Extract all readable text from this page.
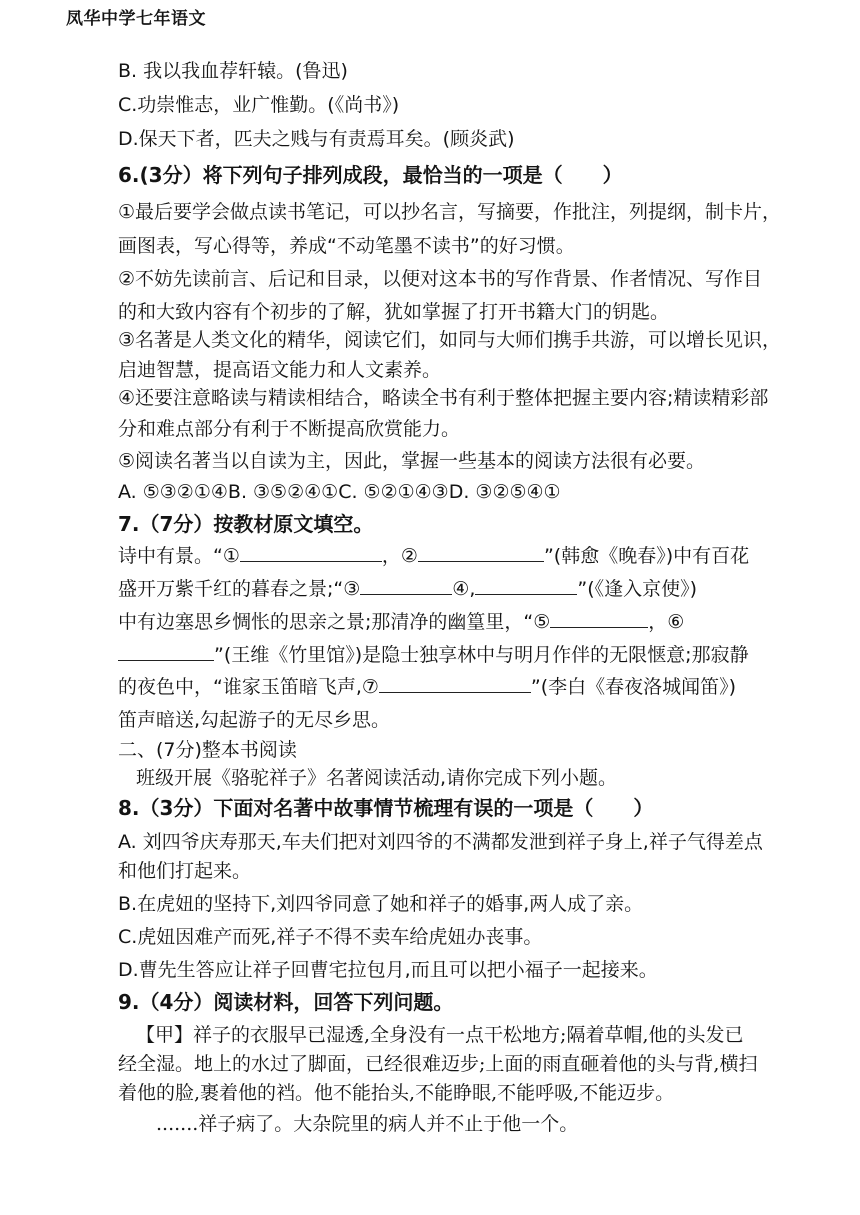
凤华中学七年语文
B. 我以我血荐轩辕。(鲁迅)
C.功崇惟志，业广惟勤。(《尚书》)
D.保天下者，匹夫之贱与有责焉耳矣。(顾炎武)
6.(3分）将下列句子排列成段，最恰当的一项是（　　）
①最后要学会做点读书笔记，可以抄名言，写摘要，作批注，列提纲，制卡片，
画图表，写心得等，养成“不动笔墨不读书”的好习惯。
②不妨先读前言、后记和目录，以便对这本书的写作背景、作者情况、写作目
的和大致内容有个初步的了解，犹如掌握了打开书籍大门的钥匙。
③名著是人类文化的精华，阅读它们，如同与大师们携手共游，可以增长见识，
启迪智慧，提高语文能力和人文素养。
④还要注意略读与精读相结合，略读全书有利于整体把握主要内容;精读精彩部
分和难点部分有利于不断提高欣赏能力。
⑤阅读名著当以自读为主，因此，掌握一些基本的阅读方法很有必要。
A. ⑤③②①④B. ③⑤②④①C. ⑤②①④③D. ③②⑤④①
7.（7分）按教材原文填空。
诗中有景。“①	，②	”(韩愈《晚春》)中有百花
盛开万紫千红的暮春之景;“③	④,	”(《逢入京使》)
中有边塞思乡惆怅的思亲之景;那清净的幽篁里，“⑤	，⑥
”(王维《竹里馆》)是隐士独享林中与明月作伴的无限惬意;那寂静
的夜色中，“谁家玉笛暗飞声,⑦	”(李白《春夜洛城闻笛》)
笛声暗送,勾起游子的无尽乡思。
二、(7分)整本书阅读
班级开展《骆驼祥子》名著阅读活动,请你完成下列小题。
8.（3分）下面对名著中故事情节梳理有误的一项是（　　）
A. 刘四爷庆寿那天,车夫们把对刘四爷的不满都发泄到祥子身上,祥子气得差点
和他们打起来。
B.在虎妞的坚持下,刘四爷同意了她和祥子的婚事,两人成了亲。
C.虎妞因难产而死,祥子不得不卖车给虎妞办丧事。
D.曹先生答应让祥子回曹宅拉包月,而且可以把小福子一起接来。
9.（4分）阅读材料，回答下列问题。
【甲】祥子的衣服早已湿透,全身没有一点干松地方;隔着草帽,他的头发已
经全湿。地上的水过了脚面，已经很难迈步;上面的雨直砸着他的头与背,横扫
着他的脸,裹着他的裆。他不能抬头,不能睁眼,不能呼吸,不能迈步。
.......祥子病了。大杂院里的病人并不止于他一个。
